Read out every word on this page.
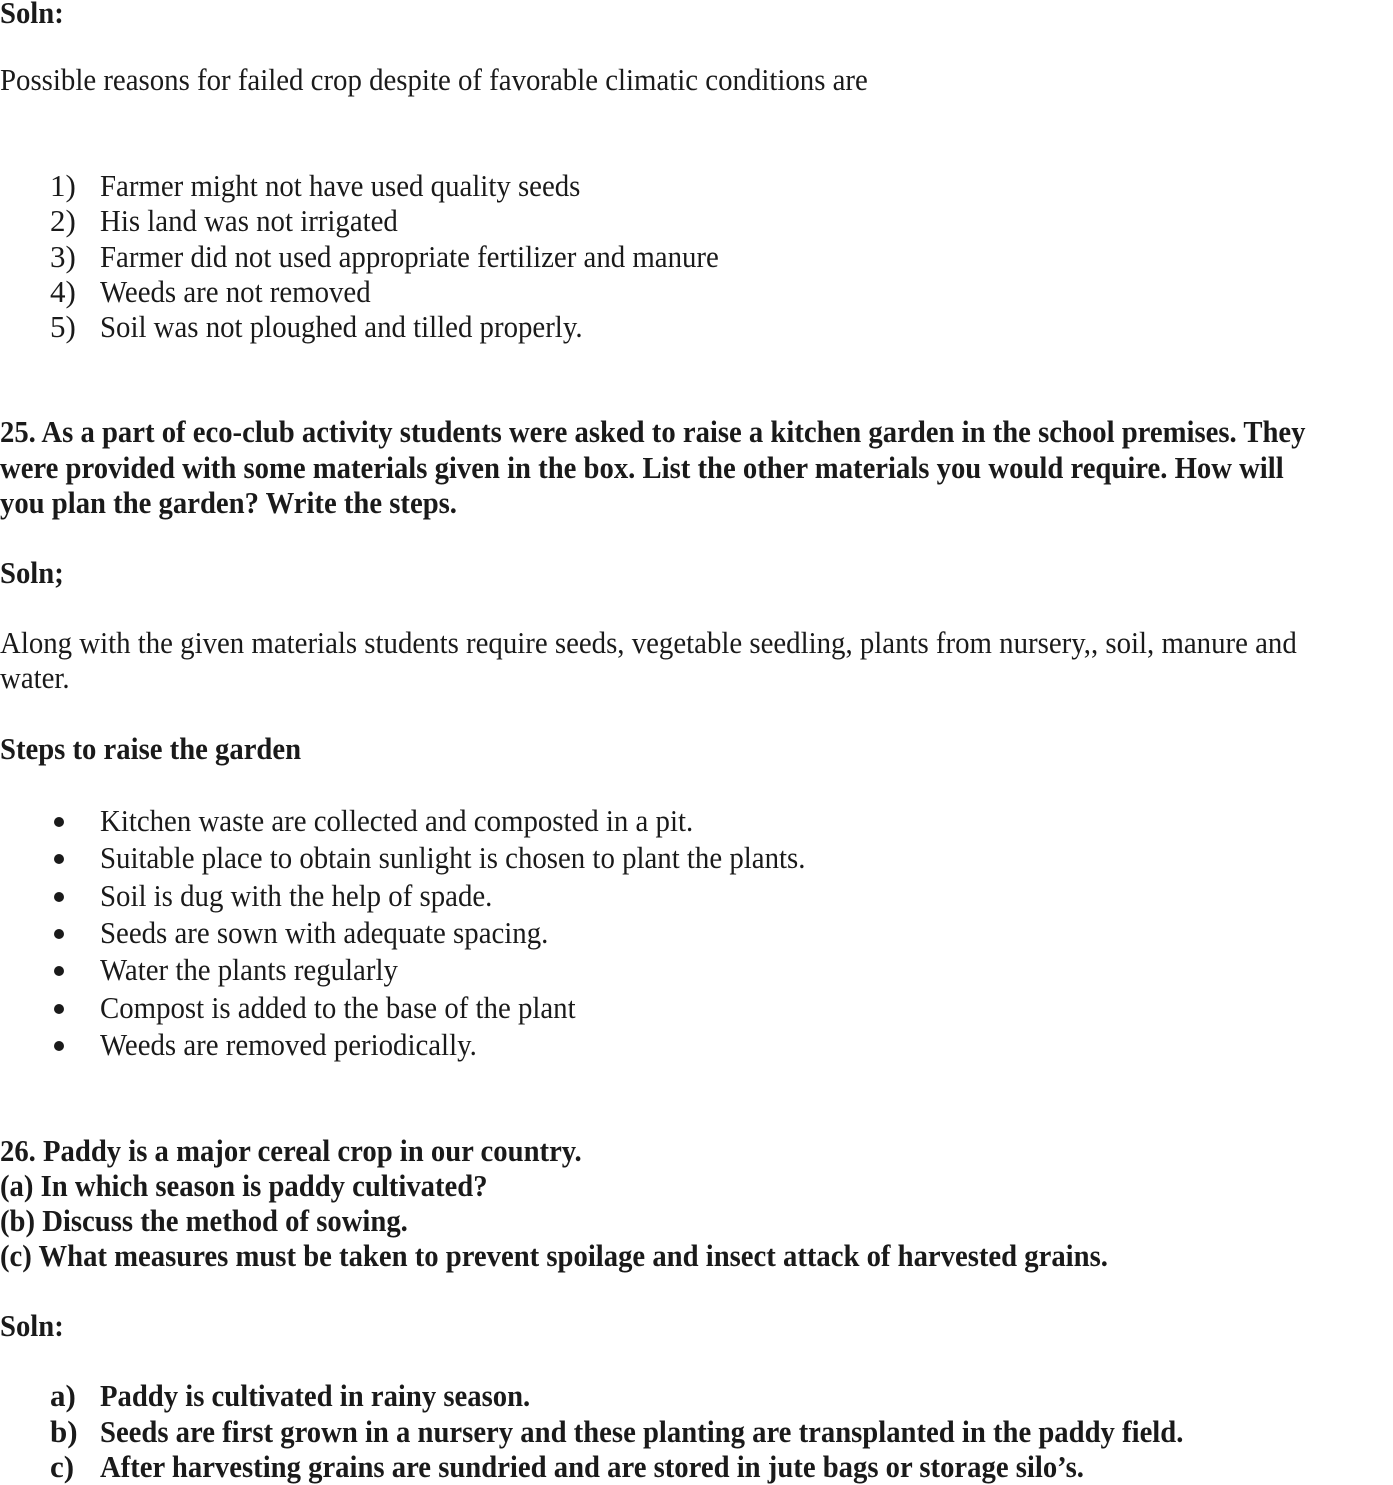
Soln:
Possible reasons for failed crop despite of favorable climatic conditions are
1) Farmer might not have used quality seeds
2) His land was not irrigated
3) Farmer did not used appropriate fertilizer and manure
4) Weeds are not removed
5) Soil was not ploughed and tilled properly.
25. As a part of eco-club activity students were asked to raise a kitchen garden in the school premises. They
were provided with some materials given in the box. List the other materials you would require. How will
you plan the garden? Write the steps.
Soln;
Along with the given materials students require seeds, vegetable seedling, plants from nursery,, soil, manure and
water.
Steps to raise the garden
Kitchen waste are collected and composted in a pit.
Suitable place to obtain sunlight is chosen to plant the plants.
Soil is dug with the help of spade.
Seeds are sown with adequate spacing.
Water the plants regularly
Compost is added to the base of the plant
Weeds are removed periodically.
26. Paddy is a major cereal crop in our country.
(a) In which season is paddy cultivated?
(b) Discuss the method of sowing.
(c) What measures must be taken to prevent spoilage and insect attack of harvested grains.
Soln:
a) Paddy is cultivated in rainy season.
b) Seeds are first grown in a nursery and these planting are transplanted in the paddy field.
c) After harvesting grains are sundried and are stored in jute bags or storage silo’s.
